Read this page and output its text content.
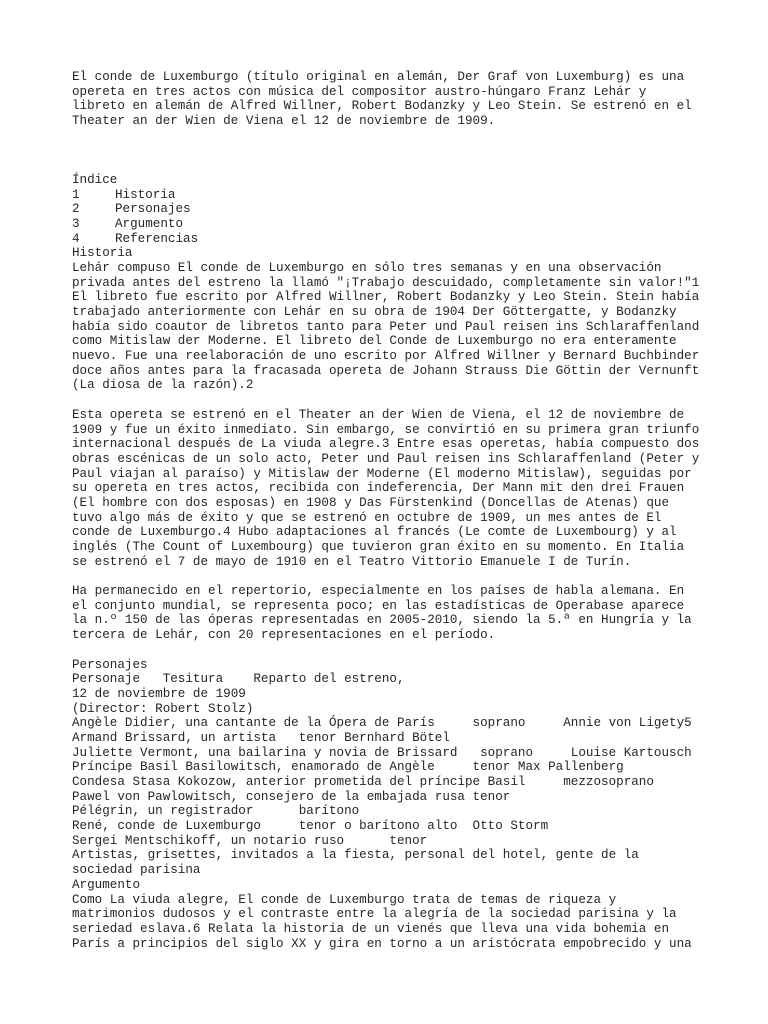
El conde de Luxemburgo (título original en alemán, Der Graf von Luxemburg) es una
opereta en tres actos con música del compositor austro-húngaro Franz Lehár y
libreto en alemán de Alfred Willner, Robert Bodanzky y Leo Stein. Se estrenó en el
Theater an der Wien de Viena el 12 de noviembre de 1909.
Índice
1	Historia
2	Personajes
3	Argumento
4	Referencias
Historia
Lehár compuso El conde de Luxemburgo en sólo tres semanas y en una observación
privada antes del estreno la llamó "¡Trabajo descuidado, completamente sin valor!"1
El libreto fue escrito por Alfred Willner, Robert Bodanzky y Leo Stein. Stein había
trabajado anteriormente con Lehár en su obra de 1904 Der Göttergatte, y Bodanzky
había sido coautor de libretos tanto para Peter und Paul reisen ins Schlaraffenland
como Mitislaw der Moderne. El libreto del Conde de Luxemburgo no era enteramente
nuevo. Fue una reelaboración de uno escrito por Alfred Willner y Bernard Buchbinder
doce años antes para la fracasada opereta de Johann Strauss Die Göttin der Vernunft
(La diosa de la razón).2
Esta opereta se estrenó en el Theater an der Wien de Viena, el 12 de noviembre de
1909 y fue un éxito inmediato. Sin embargo, se convirtió en su primera gran triunfo
internacional después de La viuda alegre.3 Entre esas operetas, había compuesto dos
obras escénicas de un solo acto, Peter und Paul reisen ins Schlaraffenland (Peter y
Paul viajan al paraíso) y Mitislaw der Moderne (El moderno Mitislaw), seguidas por
su opereta en tres actos, recibida con indeferencia, Der Mann mit den drei Frauen
(El hombre con dos esposas) en 1908 y Das Fürstenkind (Doncellas de Atenas) que
tuvo algo más de éxito y que se estrenó en octubre de 1909, un mes antes de El
conde de Luxemburgo.4 Hubo adaptaciones al francés (Le comte de Luxembourg) y al
inglés (The Count of Luxembourg) que tuvieron gran éxito en su momento. En Italia
se estrenó el 7 de mayo de 1910 en el Teatro Vittorio Emanuele I de Turín.
Ha permanecido en el repertorio, especialmente en los países de habla alemana. En
el conjunto mundial, se representa poco; en las estadísticas de Operabase aparece
la n.º 150 de las óperas representadas en 2005-2010, siendo la 5.ª en Hungría y la
tercera de Lehár, con 20 representaciones en el período.
Personajes
Personaje   Tesitura    Reparto del estreno,
12 de noviembre de 1909
(Director: Robert Stolz)
Angèle Didier, una cantante de la Ópera de París     soprano     Annie von Ligety5
Armand Brissard, un artista   tenor Bernhard Bötel
Juliette Vermont, una bailarina y novia de Brissard   soprano     Louise Kartousch
Príncipe Basil Basilowitsch, enamorado de Angèle     tenor Max Pallenberg
Condesa Stasa Kokozow, anterior prometida del príncipe Basil     mezzosoprano
Pawel von Pawlowitsch, consejero de la embajada rusa tenor
Pélégrin, un registrador      barítono
René, conde de Luxemburgo     tenor o barítono alto  Otto Storm
Sergei Mentschikoff, un notario ruso      tenor
Artistas, grisettes, invitados a la fiesta, personal del hotel, gente de la
sociedad parisina
Argumento
Como La viuda alegre, El conde de Luxemburgo trata de temas de riqueza y
matrimonios dudosos y el contraste entre la alegría de la sociedad parisina y la
seriedad eslava.6 Relata la historia de un vienés que lleva una vida bohemia en
París a principios del siglo XX y gira en torno a un aristócrata empobrecido y una
